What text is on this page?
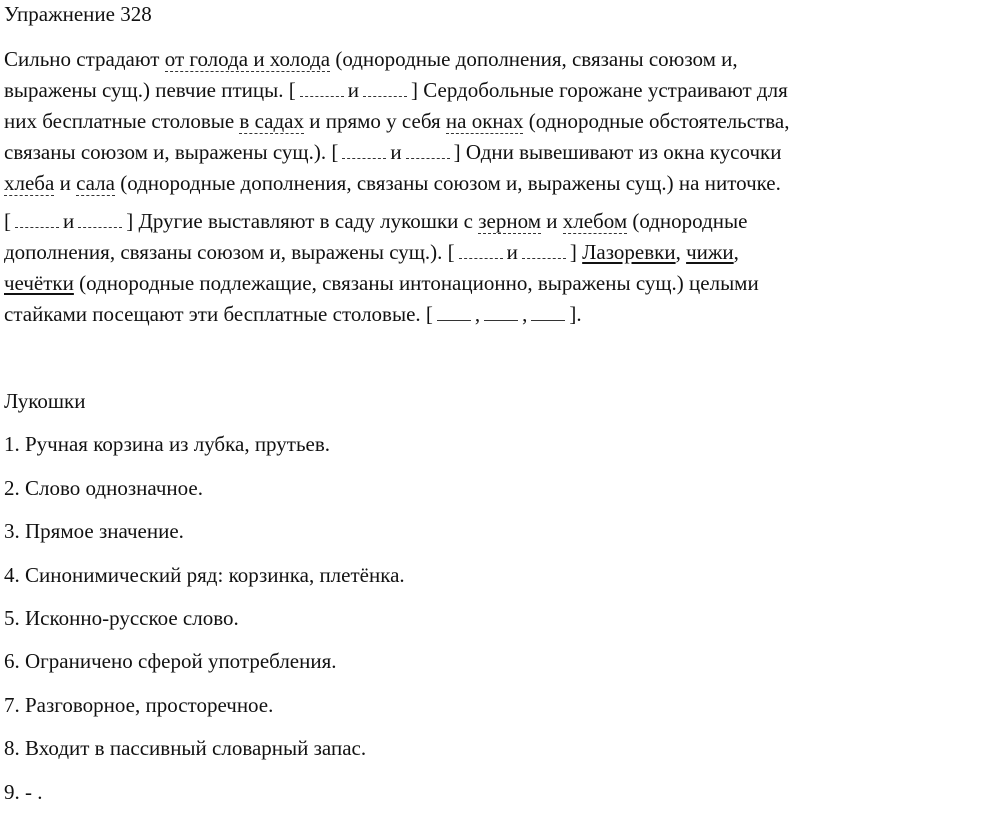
Упражнение 328
Сильно страдают от голода и холода (однородные дополнения, связаны союзом и,
выражены сущ.) певчие птицы. [ и ] Сердобольные горожане устраивают для
них бесплатные столовые в садах и прямо у себя на окнах (однородные обстоятельства,
связаны союзом и, выражены сущ.). [ и ] Одни вывешивают из окна кусочки
хлеба и сала (однородные дополнения, связаны союзом и, выражены сущ.) на ниточке.
[ и ] Другие выставляют в саду лукошки с зерном и хлебом (однородные
дополнения, связаны союзом и, выражены сущ.). [ и ] Лазоревки, чижи,
чечётки (однородные подлежащие, связаны интонационно, выражены сущ.) целыми
стайками посещают эти бесплатные столовые. [ , , ].
Лукошки
1. Ручная корзина из лубка, прутьев.
2. Слово однозначное.
3. Прямое значение.
4. Синонимический ряд: корзинка, плетёнка.
5. Исконно-русское слово.
6. Ограничено сферой употребления.
7. Разговорное, просторечное.
8. Входит в пассивный словарный запас.
9. - .
